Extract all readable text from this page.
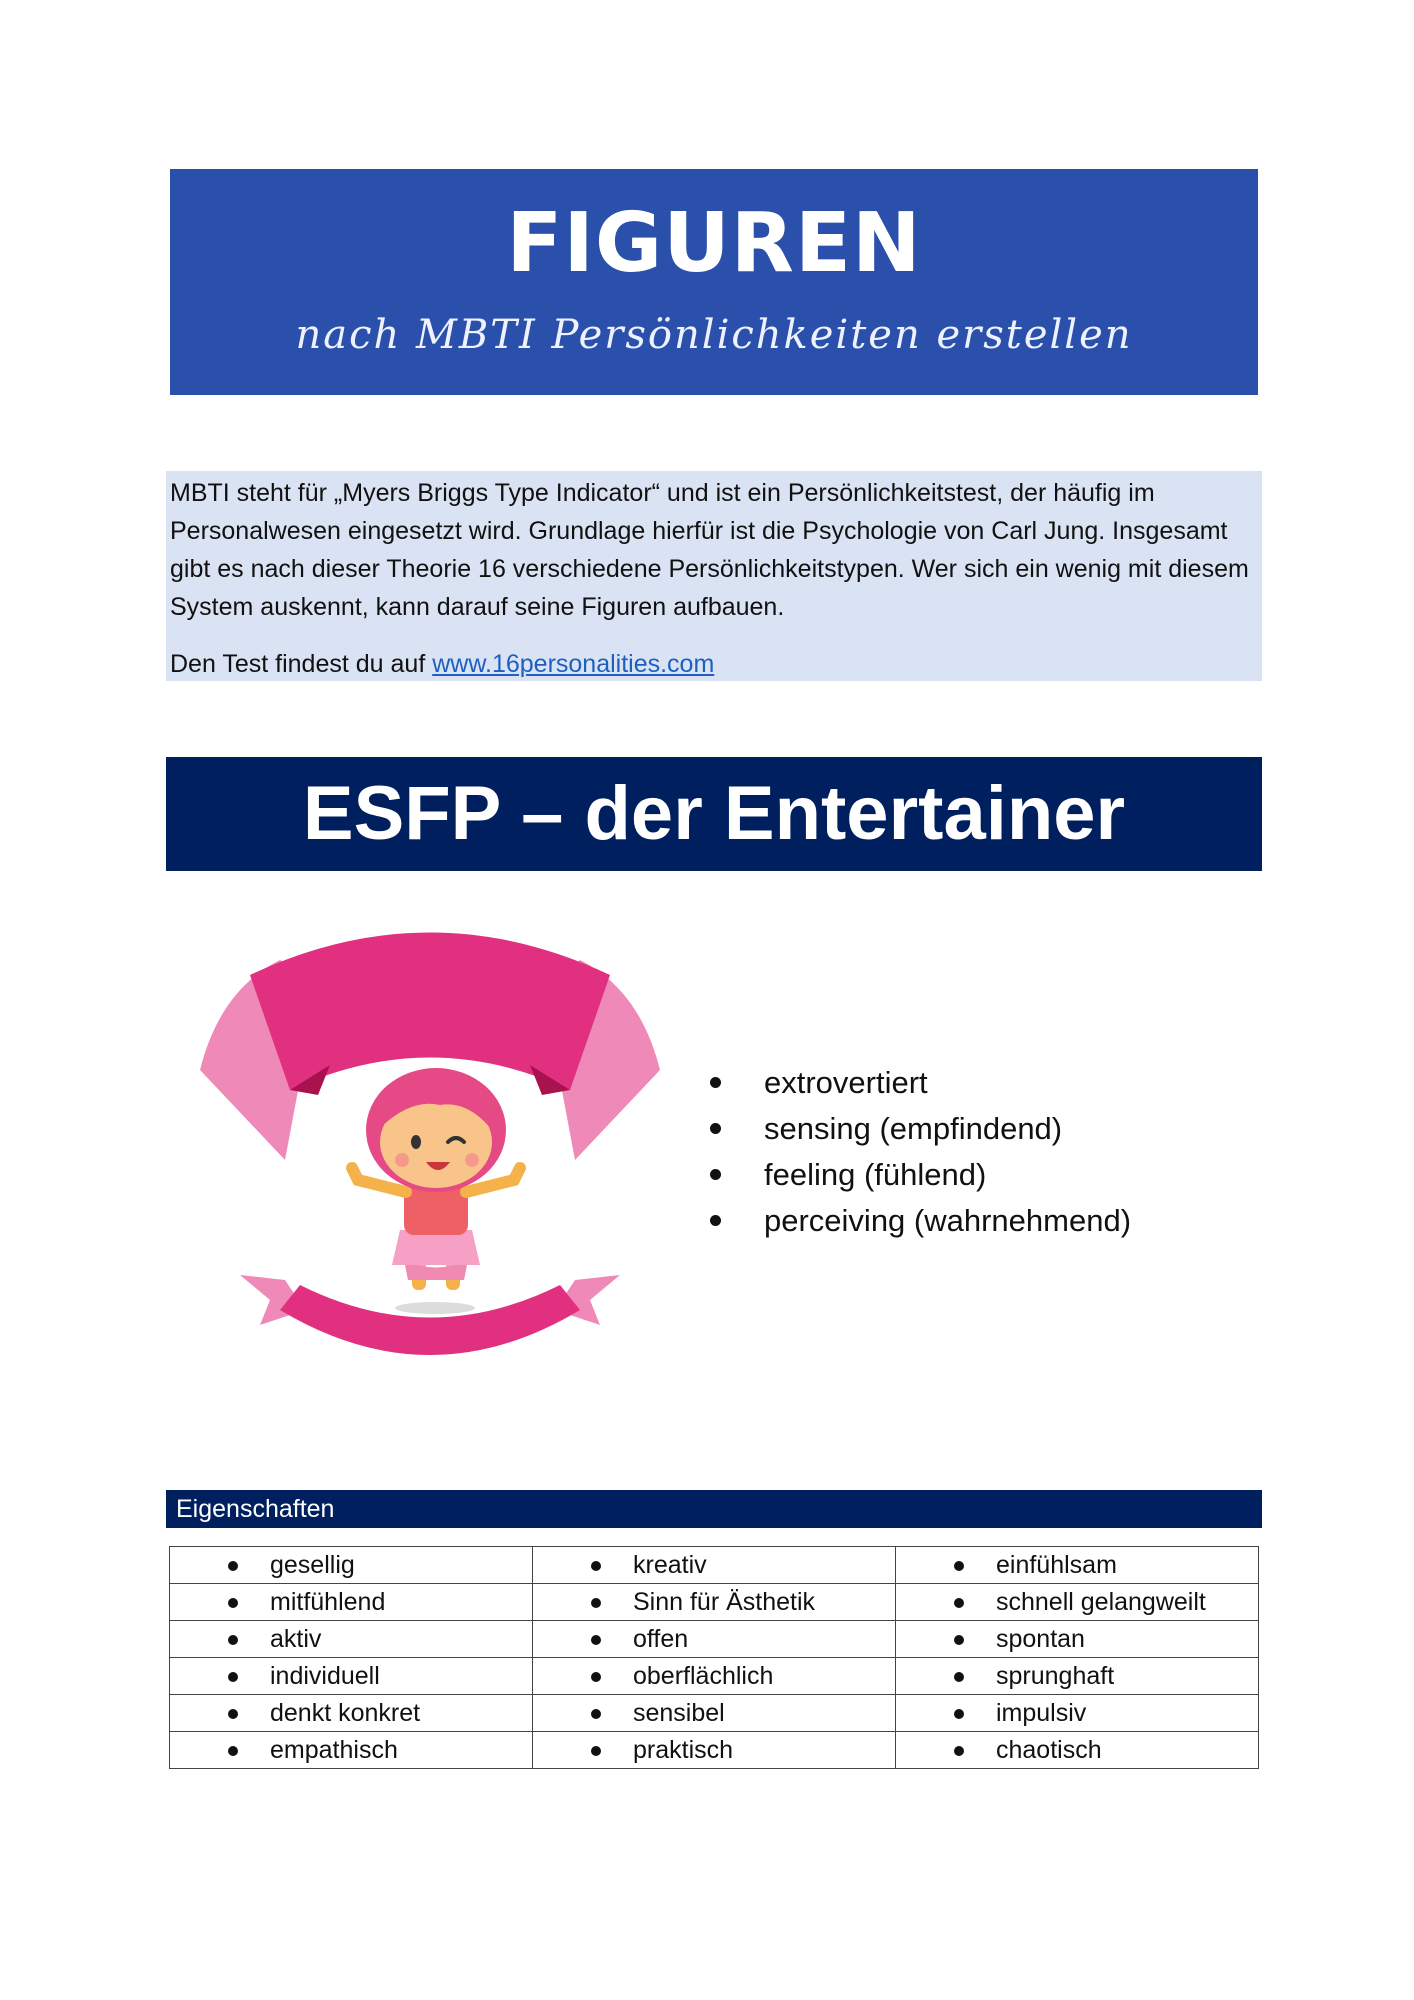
FIGUREN
nach MBTI Persönlichkeiten erstellen

MBTI steht für „Myers Briggs Type Indicator“ und ist ein Persönlichkeitstest, der häufig im Personalwesen eingesetzt wird. Grundlage hierfür ist die Psychologie von Carl Jung. Insgesamt gibt es nach dieser Theorie 16 verschiedene Persönlichkeitstypen. Wer sich ein wenig mit diesem System auskennt, kann darauf seine Figuren aufbauen.

Den Test findest du auf www.16personalities.com

ESFP – der Entertainer
extrovertiert
sensing (empfindend)
feeling (fühlend)
perceiving (wahrnehmend)
Eigenschaften
gesellig	kreativ	einfühlsam

mitfühlend	Sinn für Ästhetik	schnell gelangweilt

aktiv	offen	spontan

individuell	oberflächlich	sprunghaft

denkt konkret	sensibel	impulsiv

empathisch	praktisch	chaotisch
